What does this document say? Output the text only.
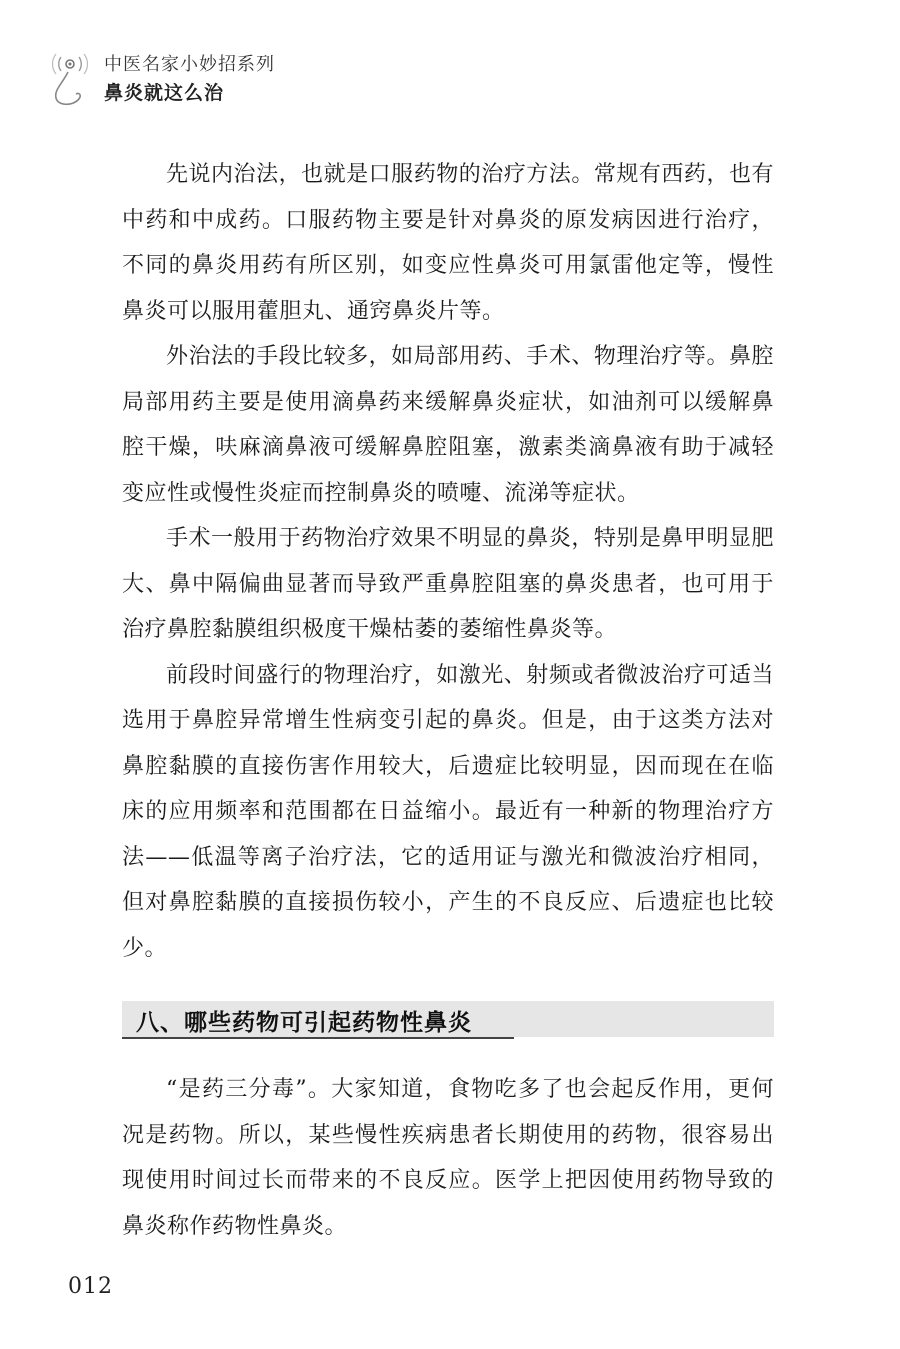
中医名家小妙招系列
鼻炎就这么治

先说内治法，也就是口服药物的治疗方法。常规有西药，也有中药和中成药。口服药物主要是针对鼻炎的原发病因进行治疗，不同的鼻炎用药有所区别，如变应性鼻炎可用氯雷他定等，慢性鼻炎可以服用藿胆丸、通窍鼻炎片等。

外治法的手段比较多，如局部用药、手术、物理治疗等。鼻腔局部用药主要是使用滴鼻药来缓解鼻炎症状，如油剂可以缓解鼻腔干燥，呋麻滴鼻液可缓解鼻腔阻塞，激素类滴鼻液有助于减轻变应性或慢性炎症而控制鼻炎的喷嚏、流涕等症状。

手术一般用于药物治疗效果不明显的鼻炎，特别是鼻甲明显肥大、鼻中隔偏曲显著而导致严重鼻腔阻塞的鼻炎患者，也可用于治疗鼻腔黏膜组织极度干燥枯萎的萎缩性鼻炎等。

前段时间盛行的物理治疗，如激光、射频或者微波治疗可适当选用于鼻腔异常增生性病变引起的鼻炎。但是，由于这类方法对鼻腔黏膜的直接伤害作用较大，后遗症比较明显，因而现在在临床的应用频率和范围都在日益缩小。最近有一种新的物理治疗方法——低温等离子治疗法，它的适用证与激光和微波治疗相同，但对鼻腔黏膜的直接损伤较小，产生的不良反应、后遗症也比较少。

八、哪些药物可引起药物性鼻炎

“是药三分毒”。大家知道，食物吃多了也会起反作用，更何况是药物。所以，某些慢性疾病患者长期使用的药物，很容易出现使用时间过长而带来的不良反应。医学上把因使用药物导致的鼻炎称作药物性鼻炎。

012
